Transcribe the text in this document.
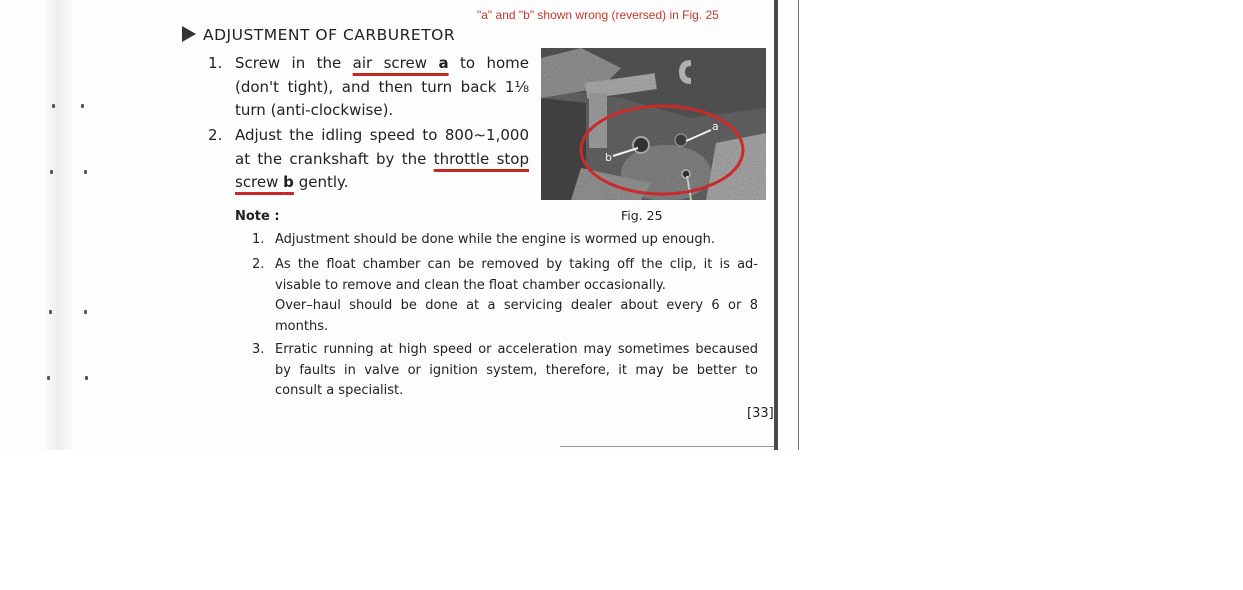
"a" and "b" shown wrong (reversed) in Fig. 25
ADJUSTMENT OF CARBURETOR
1. Screw in the air screw a to home (don't tight), and then turn back 1⅛ turn (anti-clockwise).
2. Adjust the idling speed to 800∼1,000 at the crankshaft by the throttle stop screw b gently.
b
a
Fig. 25
Note :
1. Adjustment should be done while the engine is wormed up enough.
2. As the float chamber can be removed by taking off the clip, it is ad-visable to remove and clean the float chamber occasionally.
Over–haul should be done at a servicing dealer about every 6 or 8 months.
3. Erratic running at high speed or acceleration may sometimes becaused by faults in valve or ignition system, therefore, it may be better to consult a specialist.
[33]
